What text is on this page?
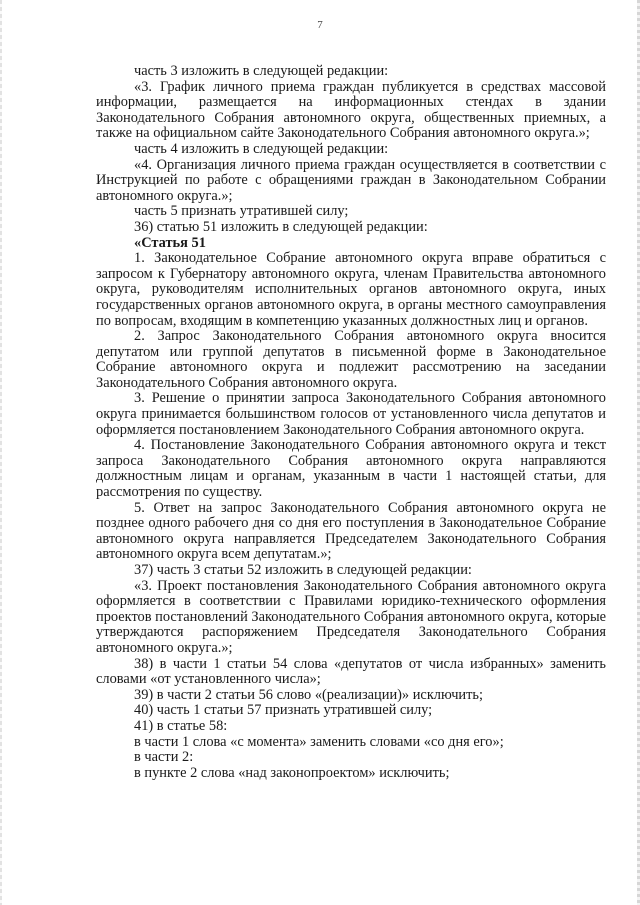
7

часть 3 изложить в следующей редакции:

«3. График личного приема граждан публикуется в средствах массовой информации, размещается на информационных стендах в здании Законодательного Собрания автономного округа, общественных приемных, а также на официальном сайте Законодательного Собрания автономного округа.»;

часть 4 изложить в следующей редакции:

«4. Организация личного приема граждан осуществляется в соответствии с Инструкцией по работе с обращениями граждан в Законодательном Собрании автономного округа.»;

часть 5 признать утратившей силу;

36) статью 51 изложить в следующей редакции:

«Статья 51

1. Законодательное Собрание автономного округа вправе обратиться с запросом к Губернатору автономного округа, членам Правительства автономного округа, руководителям исполнительных органов автономного округа, иных государственных органов автономного округа, в органы местного самоуправления по вопросам, входящим в компетенцию указанных должностных лиц и органов.

2. Запрос Законодательного Собрания автономного округа вносится депутатом или группой депутатов в письменной форме в Законодательное Собрание автономного округа и подлежит рассмотрению на заседании Законодательного Собрания автономного округа.

3. Решение о принятии запроса Законодательного Собрания автономного округа принимается большинством голосов от установленного числа депутатов и оформляется постановлением Законодательного Собрания автономного округа.

4. Постановление Законодательного Собрания автономного округа и текст запроса Законодательного Собрания автономного округа направляются должностным лицам и органам, указанным в части 1 настоящей статьи, для рассмотрения по существу.

5. Ответ на запрос Законодательного Собрания автономного округа не позднее одного рабочего дня со дня его поступления в Законодательное Собрание автономного округа направляется Председателем Законодательного Собрания автономного округа всем депутатам.»;

37) часть 3 статьи 52 изложить в следующей редакции:

«3. Проект постановления Законодательного Собрания автономного округа оформляется в соответствии с Правилами юридико-технического оформления проектов постановлений Законодательного Собрания автономного округа, которые утверждаются распоряжением Председателя Законодательного Собрания автономного округа.»;

38) в части 1 статьи 54 слова «депутатов от числа избранных» заменить словами «от установленного числа»;

39) в части 2 статьи 56 слово «(реализации)» исключить;

40) часть 1 статьи 57 признать утратившей силу;

41) в статье 58:

в части 1 слова «с момента» заменить словами «со дня его»;

в части 2:

в пункте 2 слова «над законопроектом» исключить;
